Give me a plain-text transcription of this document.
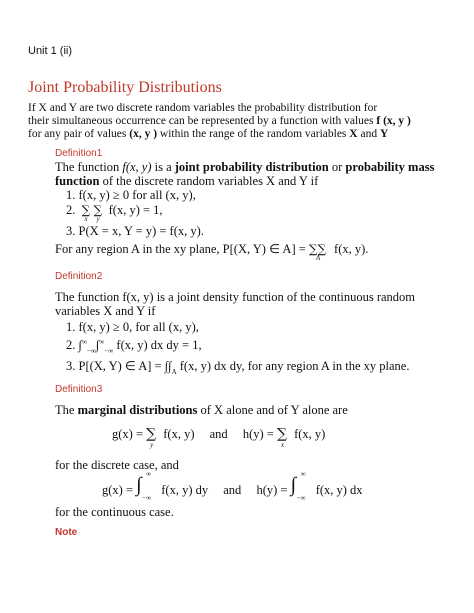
Unit 1 (ii)
Joint Probability Distributions
If X and Y are two discrete random variables the probability distribution for
their simultaneous occurrence can be represented by a function with values f (x, y )
for any pair of values (x, y ) within the range of the random variables X and Y
Definition1
The function f(x, y) is a joint probability distribution or probability mass
function of the discrete random variables X and Y if
1. f(x, y) ≥ 0 for all (x, y),
2. ∑
x
∑
y
f(x, y) = 1,
3. P(X = x, Y = y) = f(x, y).
For any region A in the xy plane, P[(X, Y) ∈ A] = ∑∑
A
f(x, y).
Definition2
The function f(x, y) is a joint density function of the continuous random
variables X and Y if
1. f(x, y) ≥ 0, for all (x, y),
2. $\int^\infty_{-\infty}\int^\infty_{-\infty}$ f(x, y) dx dy = 1,
3. P[(X, Y) ∈ $A] = \int\int_A$ f(x, y) dx dy, for any region A in the xy plane.
Definition3
The marginal distributions of X alone and of Y alone are
g(x) = ∑
y
f(x, y) and h(y) = ∑
x
f(x, y)
for the discrete case, and
g(x) = ∫ ∞
−∞
f(x, y) dy and h(y) = ∫ ∞
−∞
f(x, y) dx
for the continuous case.
Note
